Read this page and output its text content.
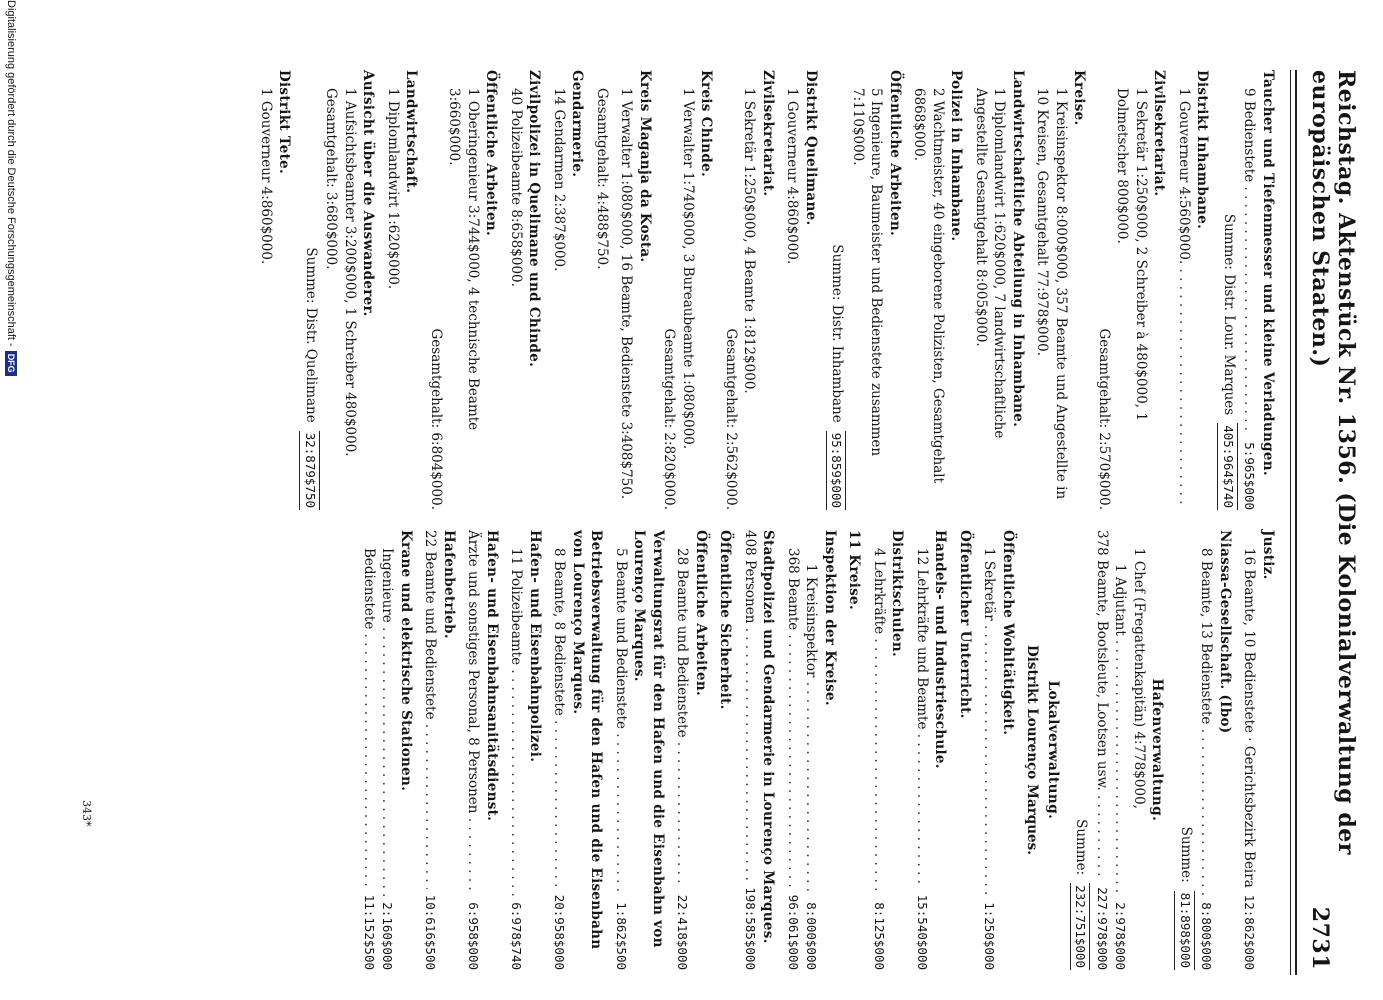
Reichstag. Aktenstück Nr. 1356. (Die Kolonialverwaltung der europäischen Staaten.)
2731
Taucher und Tiefenmesser und kleine Verladungen.
9 Bedienstete . . .
5:965$000
Summe: Distr. Lour. Marques
405:964$740
Distrikt Inhambane.
1 Gouverneur 4:560$000. . . .
Zivilsekretariat.
1 Sekretär 1:250$000, 2 Schreiber à 480$000, 1 Dolmetscher 800$000.
Gesamtgehalt: 2:570$000.
Kreise.
1 Kreisinspektor 8:000$000, 357 Beamte und Angestellte in 10 Kreisen, Gesamtgehalt 77:978$000.
Landwirtschaftliche Abteilung in Inhambane.
1 Diplomlandwirt 1:620$000, 7 landwirtschaftliche Angestellte Gesamtgehalt 8:005$000.
Polizei in Inhambane.
2 Wachtmeister, 40 eingeborene Polizisten, Gesamtgehalt 6868$000.
Öffentliche Arbeiten.
5 Ingenieure, Baumeister und Bedienstete zusammen 7:110$000.
Summe: Distr. Inhambane
95:859$000
Distrikt Quelimane.
1 Gouverneur 4:860$000.
Zivilsekretariat.
1 Sekretär 1:250$000, 4 Beamte 1:812$000.
Gesamtgehalt: 2:562$000.
Kreis Chinde.
1 Verwalter 1:740$000, 3 Bureaubeamte 1:080$000.
Gesamtgehalt: 2:820$000.
Kreis Maganja da Kosta.
1 Verwalter 1:080$000, 16 Beamte, Bedienstete 3:408$750.
Gesamtgehalt: 4:488$750.
Gendarmerie.
14 Gendarmen 2:387$000.
Zivilpolizei in Quelimane und Chinde.
40 Polizeibeamte 8:658$000.
Öffentliche Arbeiten.
1 Oberingenieur 3:744$000, 4 technische Beamte 3:660$000.
Gesamtgehalt: 6:804$000.
Landwirtschaft.
1 Diplomlandwirt 1:620$000.
Aufsicht über die Auswanderer.
1 Aufsichtsbeamter 3:200$000, 1 Schreiber 480$000. Gesamtgehalt: 3:680$000.
Summe: Distr. Quelimane
32:879$750
Distrikt Tete.
1 Gouverneur 4:860$000.
Justiz.
16 Beamte, 10 Bedienstete · Gerichtsbezirk Beira . . .
12:862$000
Niassa-Gesellschaft. (Ibo)
8 Beamte, 13 Bedienstete . . .
8:800$000
Summe:
81:898$000
Hafenverwaltung.
1 Chef (Fregattenkapitän) 4:778$000,
1 Adjutant . . .
2:978$000
378 Beamte, Bootsleute, Lootsen usw. . . .
227:978$000
Summe:
232:751$000
Lokalverwaltung.
Distrikt Lourenço Marques.
Öffentliche Wohltätigkeit.
1 Sekretär . . .
1:250$000
Öffentlicher Unterricht.
Handels- und Industrieschule.
12 Lehrkräfte und Beamte . . .
15:540$000
Distriktschulen.
4 Lehrkräfte . . .
8:125$000
11 Kreise.
Inspektion der Kreise.
1 Kreisinspektor . . .
8:000$000
368 Beamte . . .
96:061$000
Stadtpolizei und Gendarmerie in Lourenço Marques.
408 Personen . . .
198:585$000
Öffentliche Sicherheit.
Öffentliche Arbeiten.
28 Beamte und Bedienstete . . .
22:418$000
Verwaltungsrat für den Hafen und die Eisenbahn von Lourenço Marques.
5 Beamte und Bedienstete . . .
1:862$500
Betriebsverwaltung für den Hafen und die Eisenbahn von Lourenço Marques.
8 Beamte, 8 Bedienstete . . .
20:958$000
Hafen- und Eisenbahnpolizei.
11 Polizeibeamte . . .
6:978$740
Hafen- und Eisenbahnsanitätsdienst.
Ärzte und sonstiges Personal, 8 Personen . . .
6:958$000
Hafenbetrieb.
22 Beamte und Bedienstete . . .
10:616$500
Krane und elektrische Stationen.
Ingenieure . . .
2:160$000
Bedienstete . . .
11:152$500
343*
Digitalisierung gefördert durch die Deutsche Forschungsgemeinschaft -
DFG
